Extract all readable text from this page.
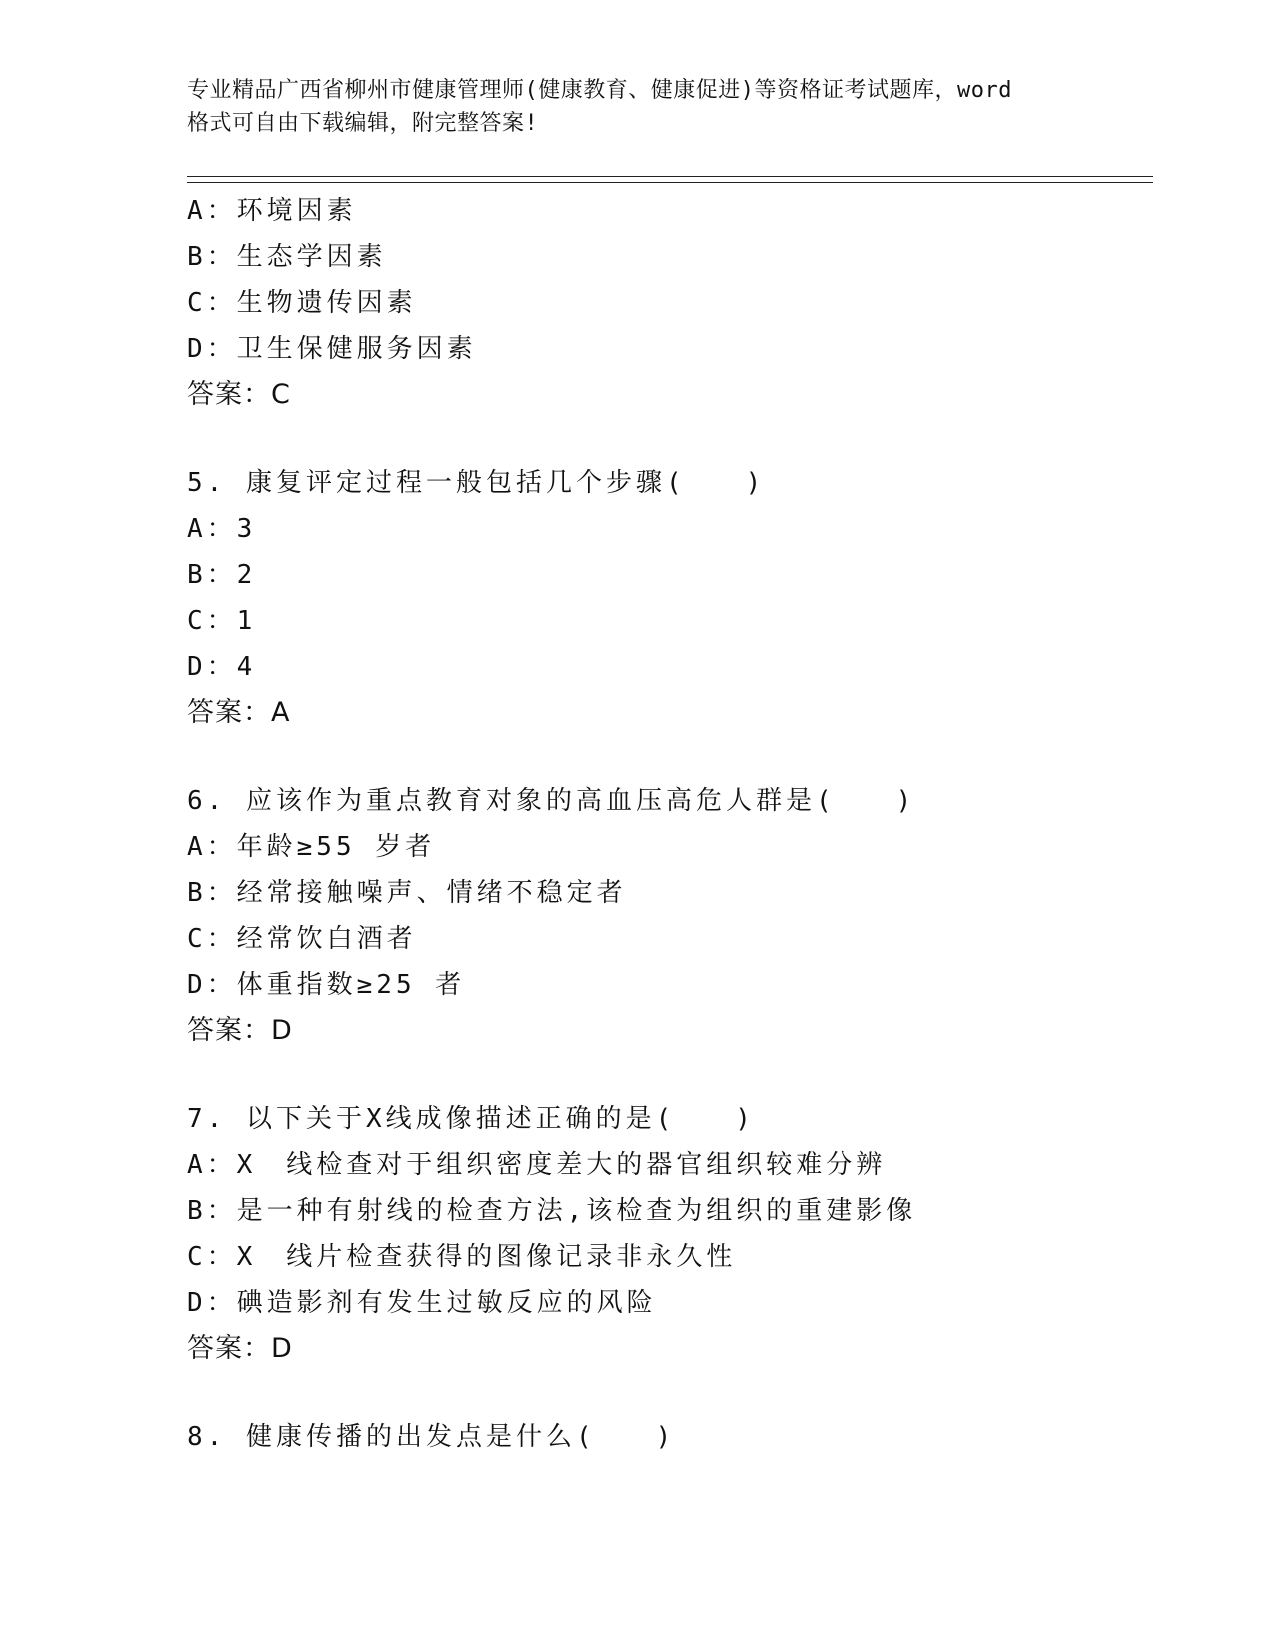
专业精品广西省柳州市健康管理师(健康教育、健康促进)等资格证考试题库，word
格式可自由下载编辑，附完整答案!
A：环境因素
B：生态学因素
C：生物遗传因素
D：卫生保健服务因素
答案：C
5. 康复评定过程一般包括几个步骤(　　)
A：3
B：2
C：1
D：4
答案：A
6. 应该作为重点教育对象的高血压高危人群是(　　)
A：年龄≥55 岁者
B：经常接触噪声、情绪不稳定者
C：经常饮白酒者
D：体重指数≥25 者
答案：D
7. 以下关于X线成像描述正确的是(　　)
A：X　线检查对于组织密度差大的器官组织较难分辨
B：是一种有射线的检查方法,该检查为组织的重建影像
C：X　线片检查获得的图像记录非永久性
D：碘造影剂有发生过敏反应的风险
答案：D
8. 健康传播的出发点是什么(　　)
